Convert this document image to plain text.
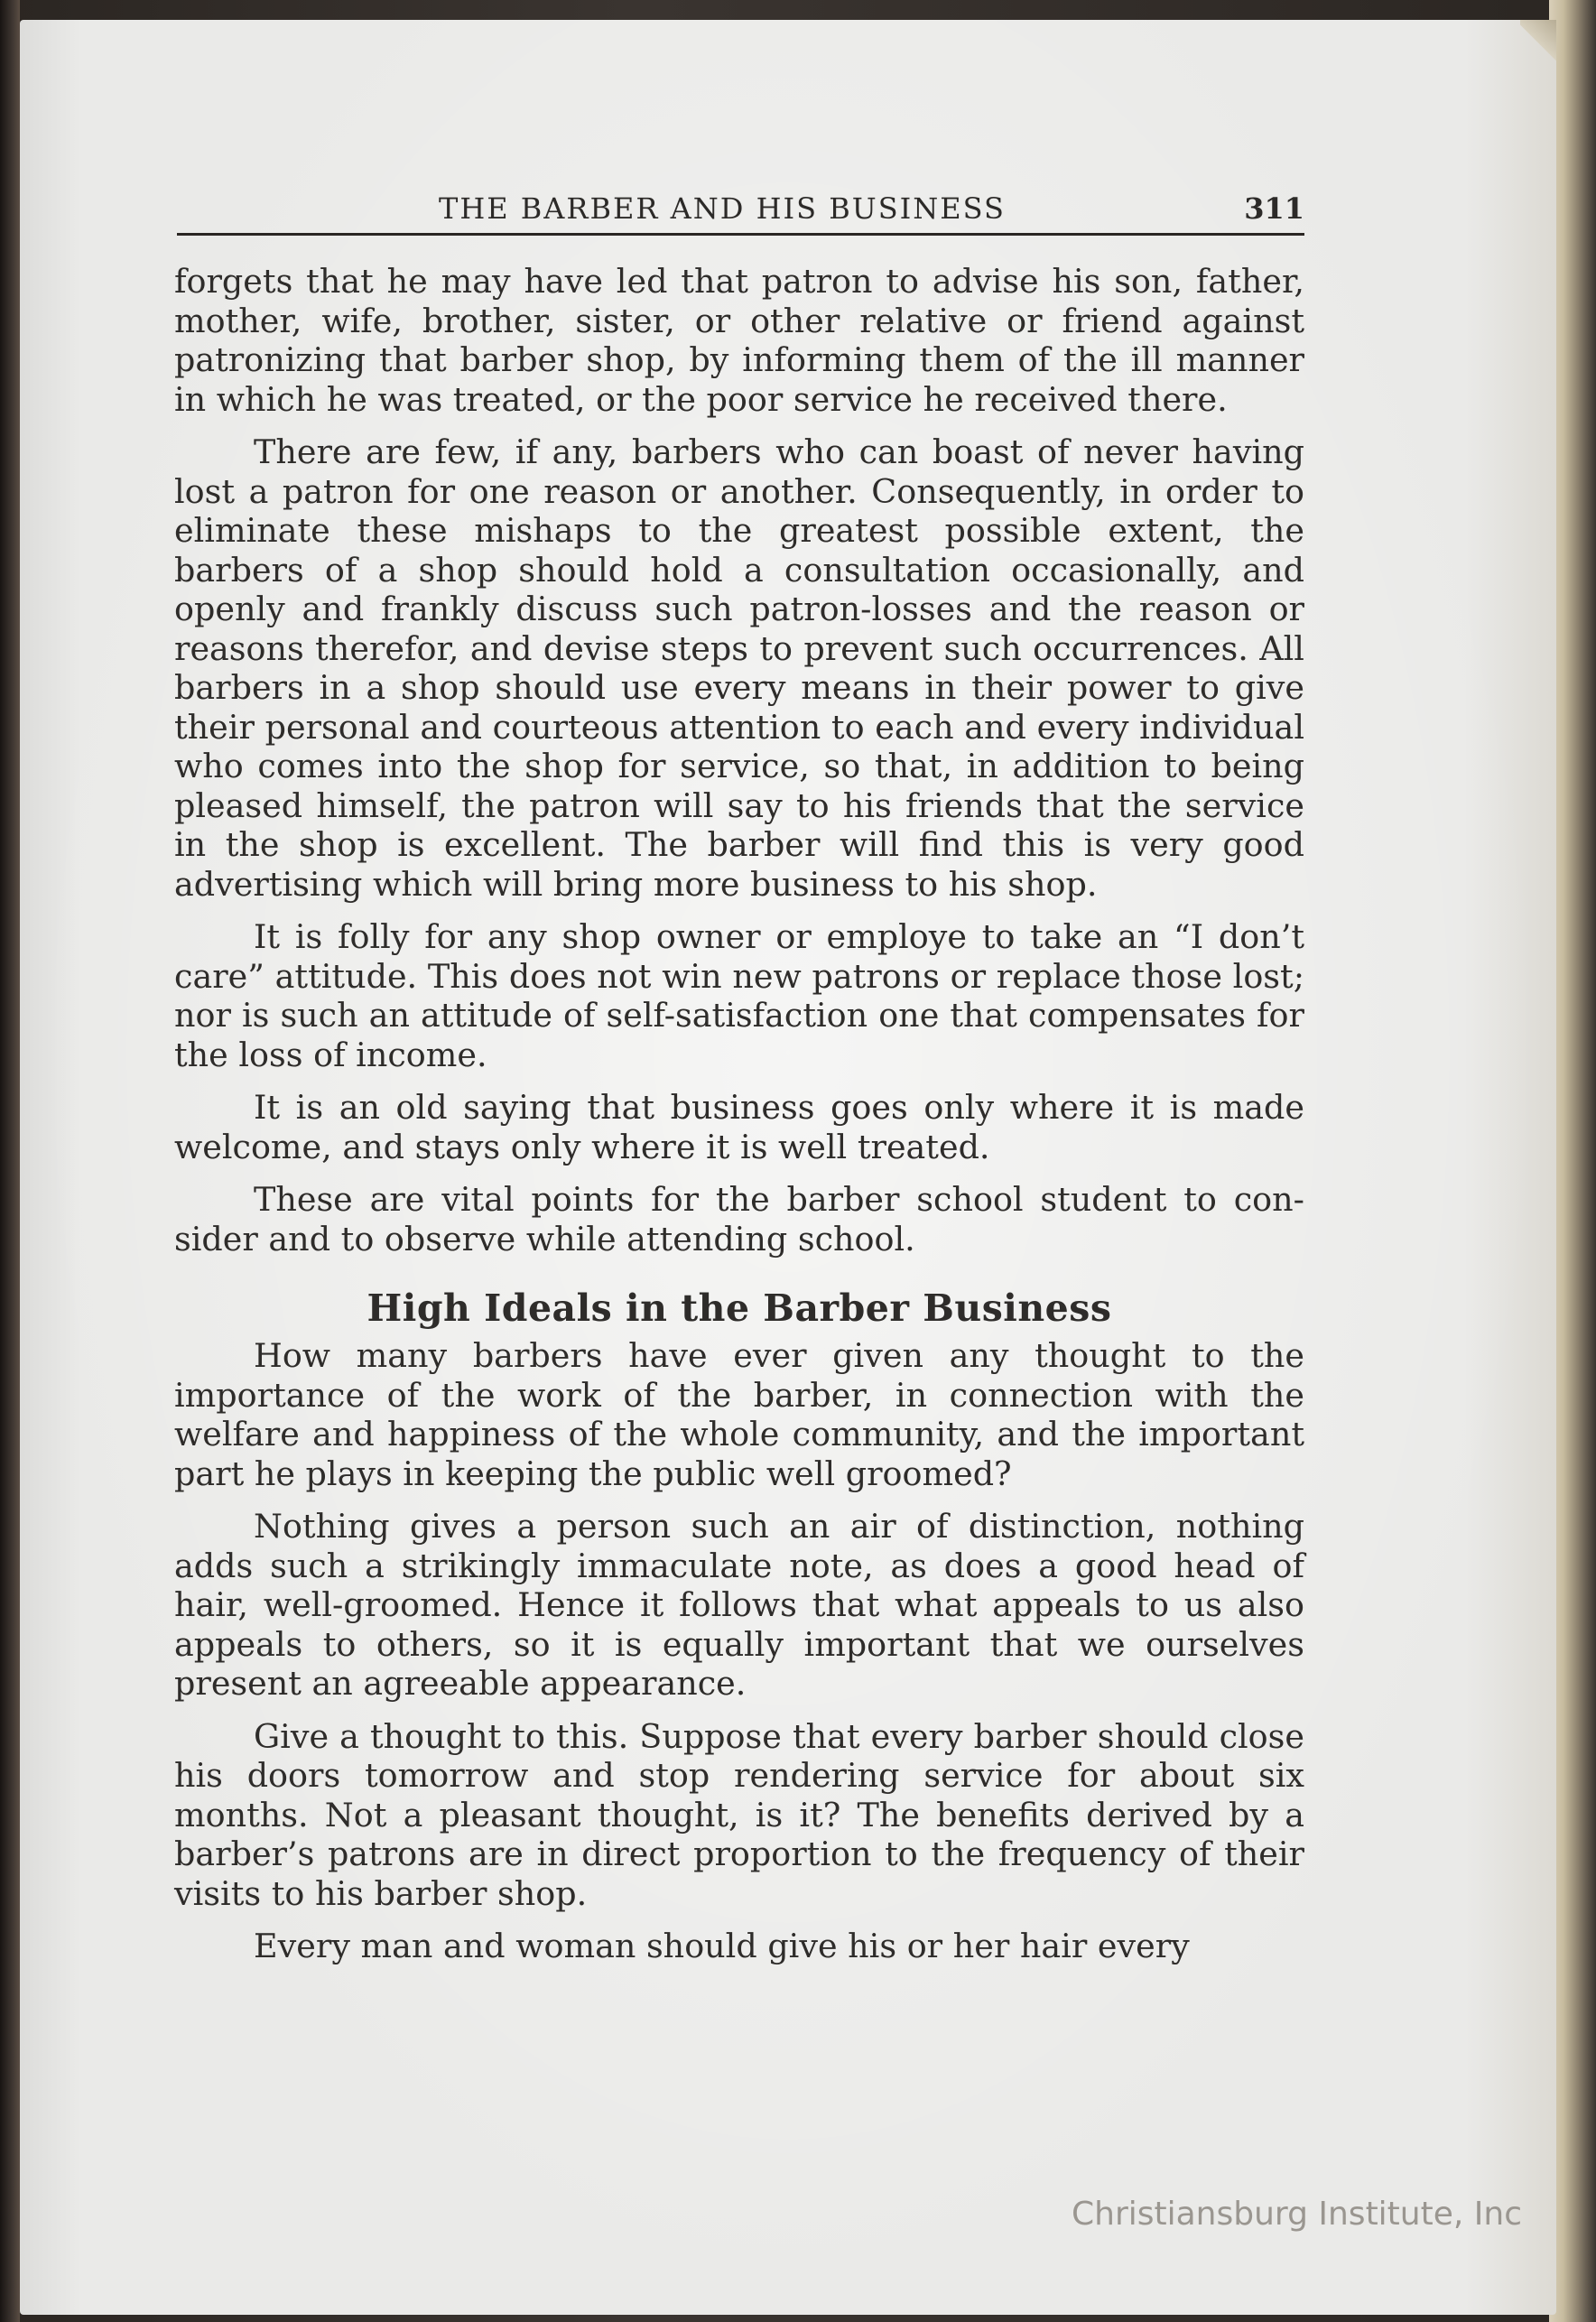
THE BARBER AND HIS BUSINESS	311

forgets that he may have led that patron to advise his son, father, mother, wife, brother, sister, or other relative or friend against patronizing that barber shop, by informing them of the ill manner in which he was treated, or the poor service he received there.

There are few, if any, barbers who can boast of never having lost a patron for one reason or another. Consequently, in order to eliminate these mishaps to the greatest possible extent, the barbers of a shop should hold a consultation occasionally, and openly and frankly discuss such patron-losses and the reason or reasons therefor, and devise steps to prevent such occurrences. All barbers in a shop should use every means in their power to give their personal and courteous attention to each and every individual who comes into the shop for service, so that, in addition to being pleased himself, the patron will say to his friends that the service in the shop is excellent. The barber will find this is very good advertising which will bring more business to his shop.

It is folly for any shop owner or employe to take an “I don’t care” attitude. This does not win new patrons or replace those lost; nor is such an attitude of self-satisfaction one that compensates for the loss of income.

It is an old saying that business goes only where it is made welcome, and stays only where it is well treated.

These are vital points for the barber school student to consider and to observe while attending school.

High Ideals in the Barber Business

How many barbers have ever given any thought to the importance of the work of the barber, in connection with the welfare and happiness of the whole community, and the important part he plays in keeping the public well groomed?

Nothing gives a person such an air of distinction, nothing adds such a strikingly immaculate note, as does a good head of hair, well-groomed. Hence it follows that what appeals to us also appeals to others, so it is equally important that we ourselves present an agreeable appearance.

Give a thought to this. Suppose that every barber should close his doors tomorrow and stop rendering service for about six months. Not a pleasant thought, is it? The benefits derived by a barber’s patrons are in direct proportion to the frequency of their visits to his barber shop.

Every man and woman should give his or her hair every

Christiansburg Institute, Inc
